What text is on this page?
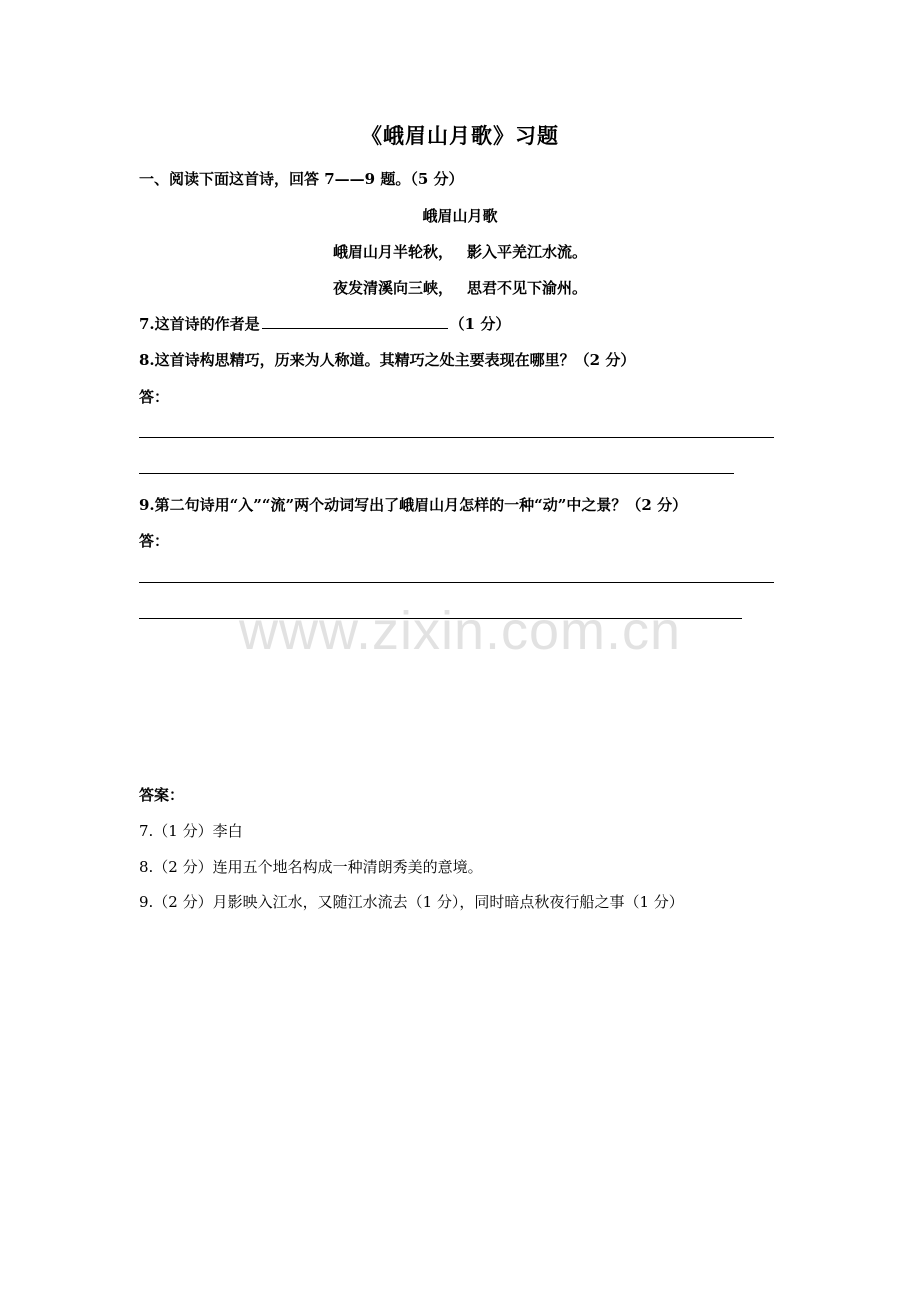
《峨眉山月歌》习题
一、阅读下面这首诗，回答 7——9 题。（5 分）
峨眉山月歌
峨眉山月半轮秋， 影入平羌江水流。
夜发清溪向三峡， 思君不见下渝州。
7.这首诗的作者是	（1 分）
8.这首诗构思精巧，历来为人称道。其精巧之处主要表现在哪里？（2 分）
答：
9.第二句诗用“入”“流”两个动词写出了峨眉山月怎样的一种“动”中之景？（2 分）
答：
www.zixin.com.cn
答案：
7.（1 分）李白
8.（2 分）连用五个地名构成一种清朗秀美的意境。
9.（2 分）月影映入江水，又随江水流去（1 分），同时暗点秋夜行船之事（1 分）
